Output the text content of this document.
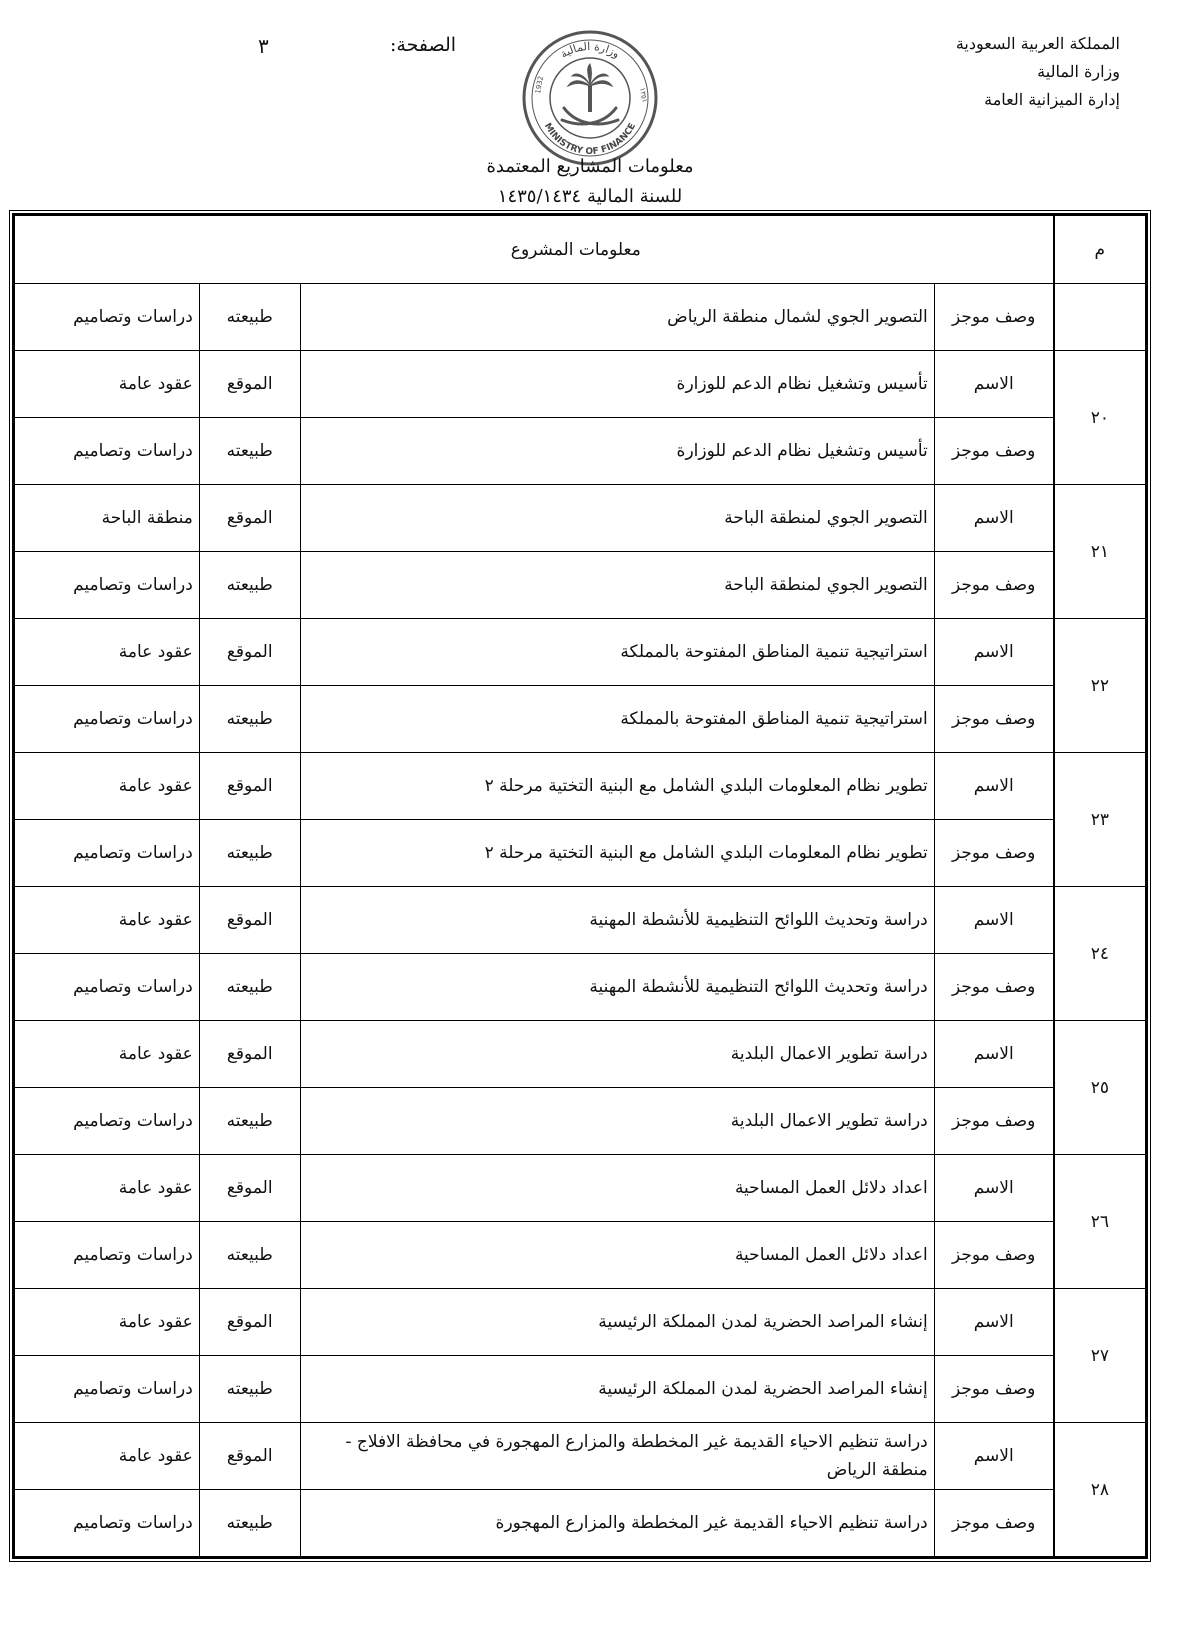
المملكة العربية السعودية
وزارة المالية
إدارة الميزانية العامة
الصفحة:
٣	وزارة المالية
MINISTRY OF FINANCE
1932
١٣٥١
معلومات المشاريع المعتمدة
للسنة المالية ١٤٣٥/١٤٣٤
م	معلومات المشروع			
	وصف موجز	التصوير الجوي لشمال منطقة الرياض	طبيعته	دراسات وتصاميم
٢٠	الاسم	تأسيس وتشغيل نظام الدعم للوزارة	الموقع	عقود عامة
	وصف موجز	تأسيس وتشغيل نظام الدعم للوزارة	طبيعته	دراسات وتصاميم
٢١	الاسم	التصوير الجوي لمنطقة الباحة	الموقع	منطقة الباحة
	وصف موجز	التصوير الجوي لمنطقة الباحة	طبيعته	دراسات وتصاميم
٢٢	الاسم	استراتيجية تنمية المناطق المفتوحة بالمملكة	الموقع	عقود عامة
	وصف موجز	استراتيجية تنمية المناطق المفتوحة بالمملكة	طبيعته	دراسات وتصاميم
٢٣	الاسم	تطوير نظام المعلومات البلدي الشامل مع البنية التختية مرحلة ٢	الموقع	عقود عامة
	وصف موجز	تطوير نظام المعلومات البلدي الشامل مع البنية التختية مرحلة ٢	طبيعته	دراسات وتصاميم
٢٤	الاسم	دراسة وتحديث اللوائح التنظيمية للأنشطة المهنية	الموقع	عقود عامة
	وصف موجز	دراسة وتحديث اللوائح التنظيمية للأنشطة المهنية	طبيعته	دراسات وتصاميم
٢٥	الاسم	دراسة تطوير الاعمال البلدية	الموقع	عقود عامة
	وصف موجز	دراسة تطوير الاعمال البلدية	طبيعته	دراسات وتصاميم
٢٦	الاسم	اعداد دلائل العمل المساحية	الموقع	عقود عامة
	وصف موجز	اعداد دلائل العمل المساحية	طبيعته	دراسات وتصاميم
٢٧	الاسم	إنشاء المراصد الحضرية لمدن المملكة الرئيسية	الموقع	عقود عامة
	وصف موجز	إنشاء المراصد الحضرية لمدن المملكة الرئيسية	طبيعته	دراسات وتصاميم
٢٨	الاسم	دراسة تنظيم الاحياء القديمة غير المخططة والمزارع المهجورة في محافظة الافلاج - منطقة الرياض	الموقع	عقود عامة
	وصف موجز	دراسة تنظيم الاحياء القديمة غير المخططة والمزارع المهجورة	طبيعته	دراسات وتصاميم
